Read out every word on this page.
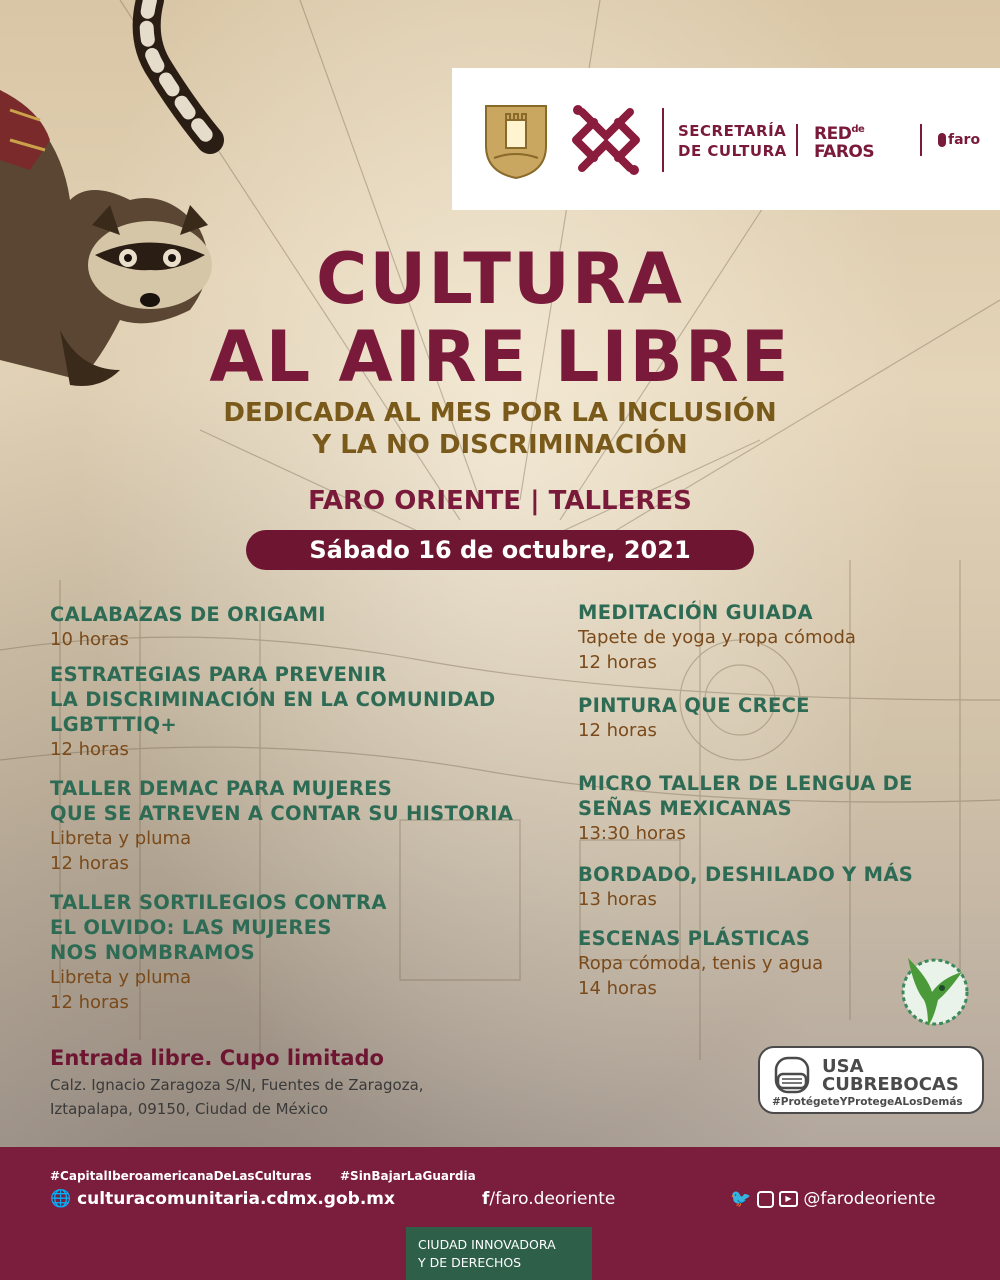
SECRETARÍA
DE CULTURA
$RED^{de}$
FAROS
faro
CULTURA
AL AIRE LIBRE
DEDICADA AL MES POR LA INCLUSIÓN
Y LA NO DISCRIMINACIÓN
FARO ORIENTE | TALLERES
Sábado 16 de octubre, 2021
CALABAZAS DE ORIGAMI
10 horas
ESTRATEGIAS PARA PREVENIR
LA DISCRIMINACIÓN EN LA COMUNIDAD
LGBTTTIQ+
12 horas
TALLER DEMAC PARA MUJERES
QUE SE ATREVEN A CONTAR SU HISTORIA
Libreta y pluma
12 horas
TALLER SORTILEGIOS CONTRA
EL OLVIDO: LAS MUJERES
NOS NOMBRAMOS
Libreta y pluma
12 horas
MEDITACIÓN GUIADA
Tapete de yoga y ropa cómoda
12 horas
PINTURA QUE CRECE
12 horas
MICRO TALLER DE LENGUA DE
SEÑAS MEXICANAS
13:30 horas
BORDADO, DESHILADO Y MÁS
13 horas
ESCENAS PLÁSTICAS
Ropa cómoda, tenis y agua
14 horas
Entrada libre. Cupo limitado
Calz. Ignacio Zaragoza S/N, Fuentes de Zaragoza,
Iztapalapa, 09150, Ciudad de México
USA
CUBREBOCAS
#ProtégeteYProtegeALosDemás
#CapitalIberoamericanaDeLasCulturas #SinBajarLaGuardia
🌐 culturacomunitaria.cdmx.gob.mx	f/faro.deoriente	🐦	▶ @farodeoriente
CIUDAD INNOVADORA
Y DE DERECHOS
